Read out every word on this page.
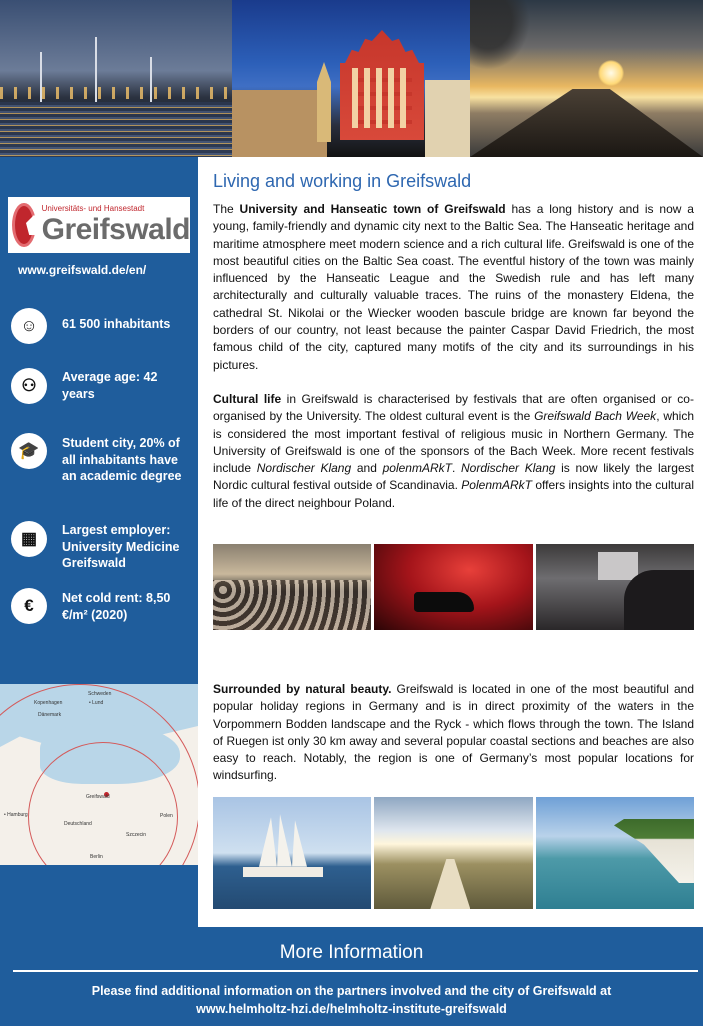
Universitäts- und Hansestadt
Greifswald
www.greifswald.de/en/
☺	61 500 inhabitants
⚇	Average age: 42 years
🎓	Student city, 20% of all inhabitants have an academic degree
▦	Largest employer: University Medicine Greifswald
€	Net cold rent: 8,50 €/m² (2020)
Schweden
Kopenhagen	• Lund
Dänemark
Greifswald
• Hamburg
Deutschland
Polen
Szczecin
Berlin
Living and working in Greifswald

The University and Hanseatic town of Greifswald has a long history and is now a young, family-friendly and dynamic city next to the Baltic Sea. The Hanseatic heritage and maritime atmosphere meet modern science and a rich cultural life. Greifswald is one of the most beautiful cities on the Baltic Sea coast. The eventful history of the town was mainly influenced by the Hanseatic League and the Swedish rule and has left many architecturally and culturally valuable traces. The ruins of the monastery Eldena, the cathedral St. Nikolai or the Wiecker wooden bascule bridge are known far beyond the borders of our country, not least because the painter Caspar David Friedrich, the most famous child of the city, captured many motifs of the city and its surroundings in his pictures.

Cultural life in Greifswald is characterised by festivals that are often organised or co-organised by the University. The oldest cultural event is the Greifswald Bach Week, which is considered the most important festival of religious music in Northern Germany. The University of Greifswald is one of the sponsors of the Bach Week. More recent festivals include Nordischer Klang and polenmARkT. Nordischer Klang is now likely the largest Nordic cultural festival outside of Scandinavia. PolenmARkT offers insights into the cultural life of the direct neighbour Poland.

Surrounded by natural beauty. Greifswald is located in one of the most beautiful and popular holiday regions in Germany and is in direct proximity of the waters in the Vorpommern Bodden landscape and the Ryck - which flows through the town. The Island of Ruegen ist only 30 km away and several popular coastal sections and beaches are also easy to reach. Notably, the region is one of Germany’s most popular locations for windsurfing.

More Information
Please find additional information on the partners involved and the city of Greifswald at
www.helmholtz-hzi.de/helmholtz-institute-greifswald
